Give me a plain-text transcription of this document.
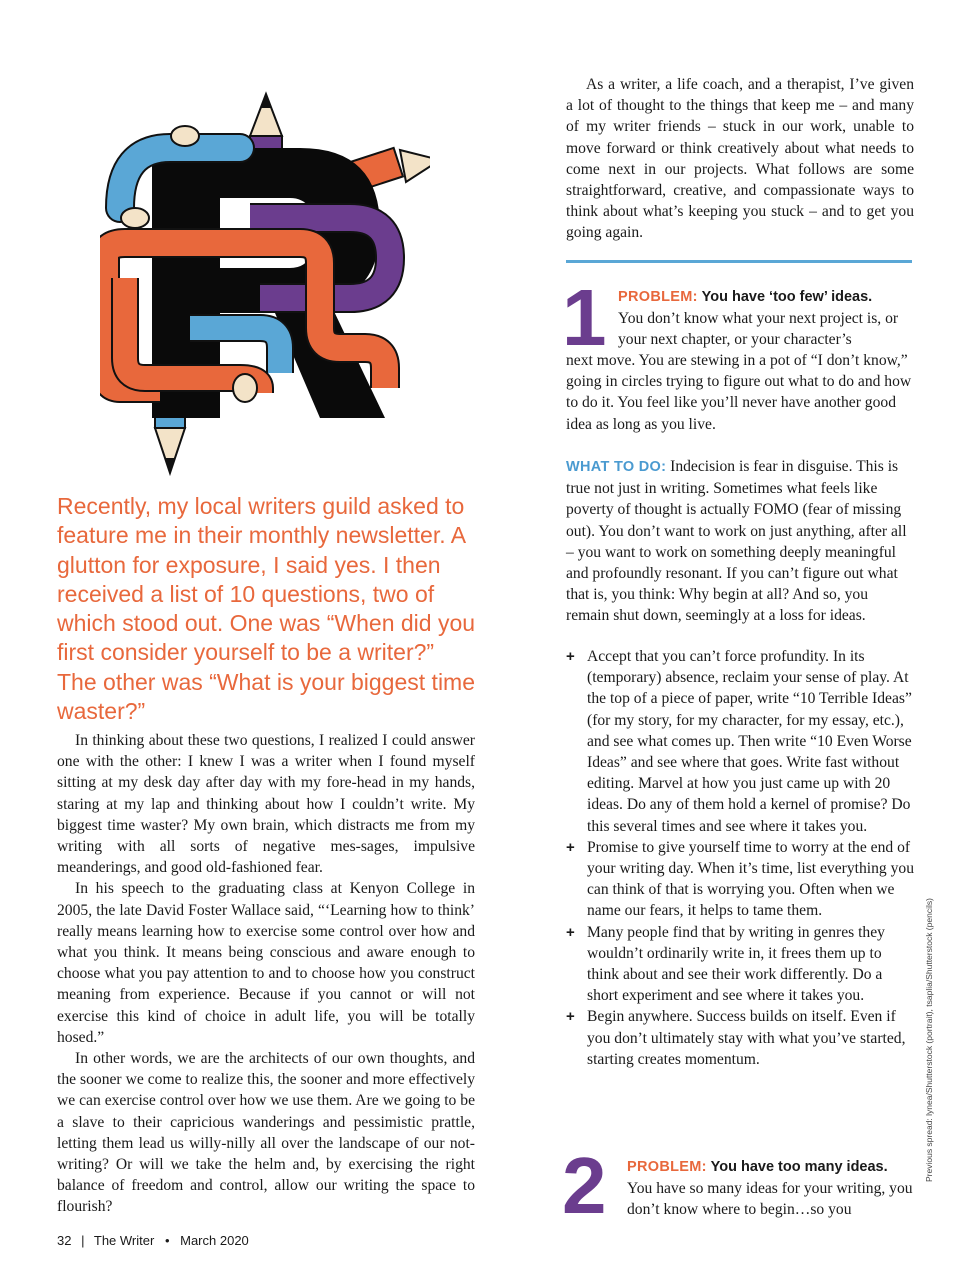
Recently, my local writers guild asked to feature me in their monthly newsletter. A glutton for exposure, I said yes. I then received a list of 10 questions, two of which stood out. One was “When did you first consider yourself to be a writer?” The other was “What is your biggest time waster?”

In thinking about these two questions, I realized I could answer one with the other: I knew I was a writer when I found myself sitting at my desk day after day with my fore-head in my hands, staring at my lap and thinking about how I couldn’t write. My biggest time waster? My own brain, which distracts me from my writing with all sorts of negative mes-sages, impulsive meanderings, and good old-fashioned fear.

In his speech to the graduating class at Kenyon College in 2005, the late David Foster Wallace said, “‘Learning how to think’ really means learning how to exercise some control over how and what you think. It means being conscious and aware enough to choose what you pay attention to and to choose how you construct meaning from experience. Because if you cannot or will not exercise this kind of choice in adult life, you will be totally hosed.”

In other words, we are the architects of our own thoughts, and the sooner we come to realize this, the sooner and more effectively we can exercise control over how we use them. Are we going to be a slave to their capricious wanderings and pessimistic prattle, letting them lead us willy-nilly all over the landscape of our not-writing? Or will we take the helm and, by exercising the right balance of freedom and control, allow our writing the space to flourish?

As a writer, a life coach, and a therapist, I’ve given a lot of thought to the things that keep me – and many of my writer friends – stuck in our work, unable to move forward or think creatively about what needs to come next in our projects. What follows are some straightforward, creative, and compassionate ways to think about what’s keeping you stuck – and to get you going again.

1 PROBLEM: You have ‘too few’ ideas.
You don’t know what your next project is, or your next chapter, or your character’s
next move. You are stewing in a pot of “I don’t know,” going in circles trying to figure out what to do and how to do it. You feel like you’ll never have another good idea as long as you live.

WHAT TO DO: Indecision is fear in disguise. This is true not just in writing. Sometimes what feels like poverty of thought is actually FOMO (fear of missing out). You don’t want to work on just anything, after all – you want to work on something deeply meaningful and profoundly resonant. If you can’t figure out what that is, you think: Why begin at all? And so, you remain shut down, seemingly at a loss for ideas.

+ Accept that you can’t force profundity. In its (temporary) absence, reclaim your sense of play. At the top of a piece of paper, write “10 Terrible Ideas” (for my story, for my character, for my essay, etc.), and see what comes up. Then write “10 Even Worse Ideas” and see where that goes. Write fast without editing. Marvel at how you just came up with 20 ideas. Do any of them hold a kernel of promise? Do this several times and see where it takes you.
+ Promise to give yourself time to worry at the end of your writing day. When it’s time, list everything you can think of that is worrying you. Often when we name our fears, it helps to tame them.
+ Many people find that by writing in genres they wouldn’t ordinarily write in, it frees them up to think about and see their work differently. Do a short experiment and see where it takes you.
+ Begin anywhere. Success builds on itself. Even if you don’t ultimately stay with what you’ve started, starting creates momentum.
2 PROBLEM: You have too many ideas.
You have so many ideas for your writing, you don’t know where to begin…so you
Previous spread: lynea/Shutterstock (portrait), tsaplia/Shutterstock (pencils)
32 | The Writer • March 2020
